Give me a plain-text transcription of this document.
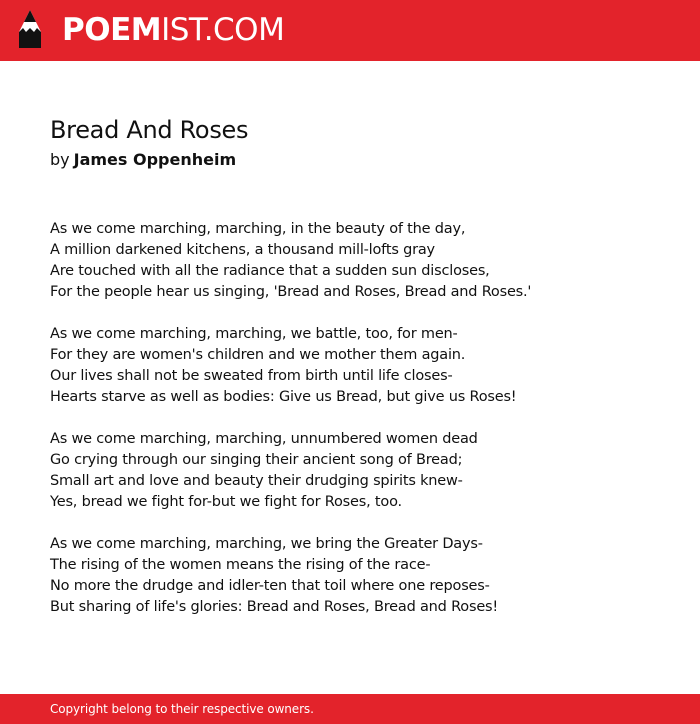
POEMIST.COM
Bread And Roses
by James Oppenheim
As we come marching, marching, in the beauty of the day,
A million darkened kitchens, a thousand mill-lofts gray
Are touched with all the radiance that a sudden sun discloses,
For the people hear us singing, 'Bread and Roses, Bread and Roses.'
As we come marching, marching, we battle, too, for men-
For they are women's children and we mother them again.
Our lives shall not be sweated from birth until life closes-
Hearts starve as well as bodies: Give us Bread, but give us Roses!
As we come marching, marching, unnumbered women dead
Go crying through our singing their ancient song of Bread;
Small art and love and beauty their drudging spirits knew-
Yes, bread we fight for-but we fight for Roses, too.
As we come marching, marching, we bring the Greater Days-
The rising of the women means the rising of the race-
No more the drudge and idler-ten that toil where one reposes-
But sharing of life's glories: Bread and Roses, Bread and Roses!
Copyright belong to their respective owners.
